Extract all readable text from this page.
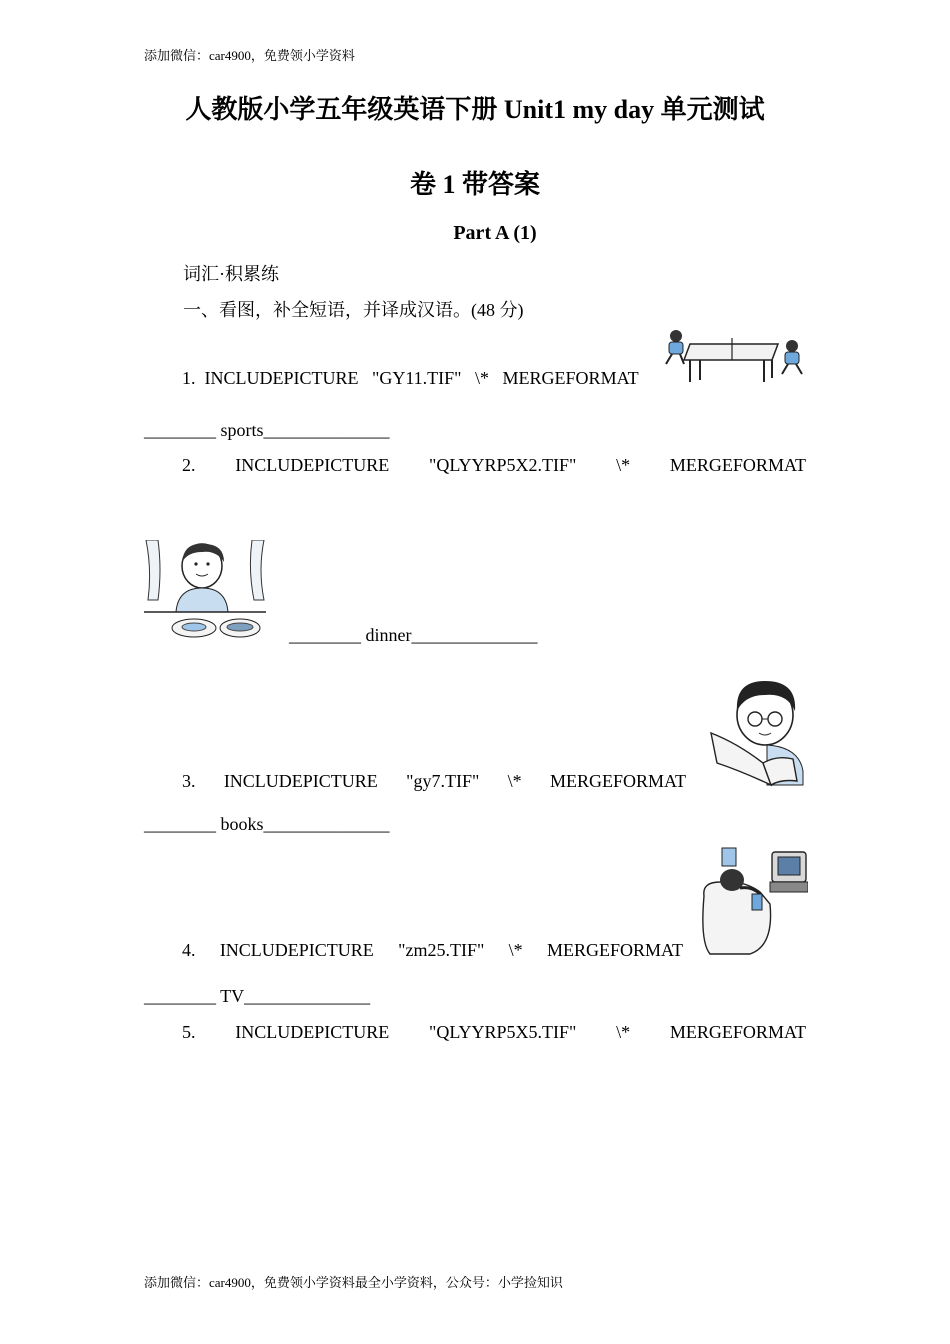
添加微信：car4900，免费领小学资料
人教版小学五年级英语下册 Unit1 my day 单元测试
卷 1 带答案
Part A (1)
词汇·积累练
一、看图，补全短语，并译成汉语。(48 分)
1. INCLUDEPICTURE "GY11.TIF" \* MERGEFORMAT
________ sports______________
2. INCLUDEPICTURE "QLYYRP5X2.TIF" \* MERGEFORMAT
________ dinner______________
3. INCLUDEPICTURE "gy7.TIF" \* MERGEFORMAT
________ books______________
4. INCLUDEPICTURE "zm25.TIF" \* MERGEFORMAT
________ TV______________
5. INCLUDEPICTURE "QLYYRP5X5.TIF" \* MERGEFORMAT
添加微信：car4900，免费领小学资料最全小学资料，公众号：小学捡知识
